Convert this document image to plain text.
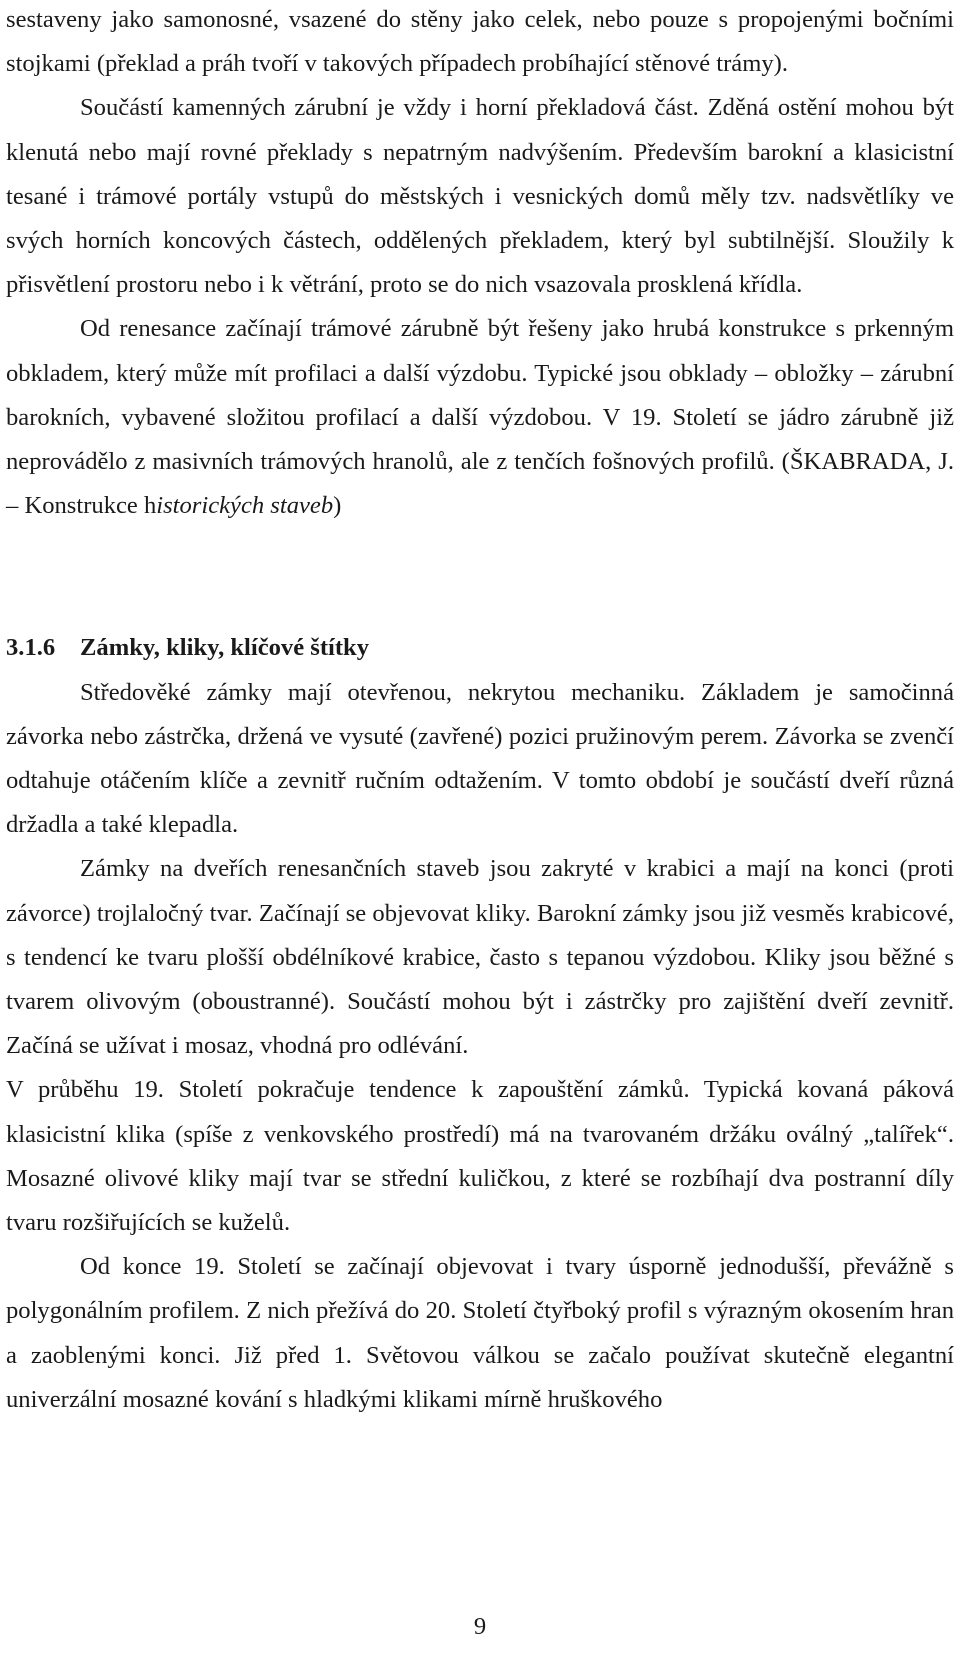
sestaveny jako samonosné, vsazené do stěny jako celek, nebo pouze s propojenými bočními stojkami (překlad a práh tvoří v takových případech probíhající stěnové trámy).

Součástí kamenných zárubní je vždy i horní překladová část. Zděná ostění mohou být klenutá nebo mají rovné překlady s nepatrným nadvýšením. Především barokní a klasicistní tesané i trámové portály vstupů do městských i vesnických domů měly tzv. nadsvětlíky ve svých horních koncových částech, oddělených překladem, který byl subtilnější. Sloužily k přisvětlení prostoru nebo i k větrání, proto se do nich vsazovala prosklená křídla.

Od renesance začínají trámové zárubně být řešeny jako hrubá konstrukce s prkenným obkladem, který může mít profilaci a další výzdobu. Typické jsou obklady – obložky – zárubní barokních, vybavené složitou profilací a další výzdobou. V 19. Století se jádro zárubně již neprovádělo z masivních trámových hranolů, ale z tenčích fošnových profilů. (ŠKABRADA, J. – Konstrukce historických staveb)

3.1.6	Zámky, kliky, klíčové štítky

Středověké zámky mají otevřenou, nekrytou mechaniku. Základem je samočinná závorka nebo zástrčka, držená ve vysuté (zavřené) pozici pružinovým perem. Závorka se zvenčí odtahuje otáčením klíče a zevnitř ručním odtažením. V tomto období je součástí dveří různá držadla a také klepadla.

Zámky na dveřích renesančních staveb jsou zakryté v krabici a mají na konci (proti závorce) trojlaločný tvar. Začínají se objevovat kliky. Barokní zámky jsou již vesměs krabicové, s tendencí ke tvaru plošší obdélníkové krabice, často s tepanou výzdobou. Kliky jsou běžné s tvarem olivovým (oboustranné). Součástí mohou být i zástrčky pro zajištění dveří zevnitř. Začíná se užívat i mosaz, vhodná pro odlévání.

V průběhu 19. Století pokračuje tendence k zapouštění zámků. Typická kovaná páková klasicistní klika (spíše z venkovského prostředí) má na tvarovaném držáku oválný „talířek“. Mosazné olivové kliky mají tvar se střední kuličkou, z které se rozbíhají dva postranní díly tvaru rozšiřujících se kuželů.

Od konce 19. Století se začínají objevovat i tvary úsporně jednodušší, převážně s polygonálním profilem. Z nich přežívá do 20. Století čtyřboký profil s výrazným okosením hran a zaoblenými konci. Již před 1. Světovou válkou se začalo používat skutečně elegantní univerzální mosazné kování s hladkými klikami mírně hruškového

9
